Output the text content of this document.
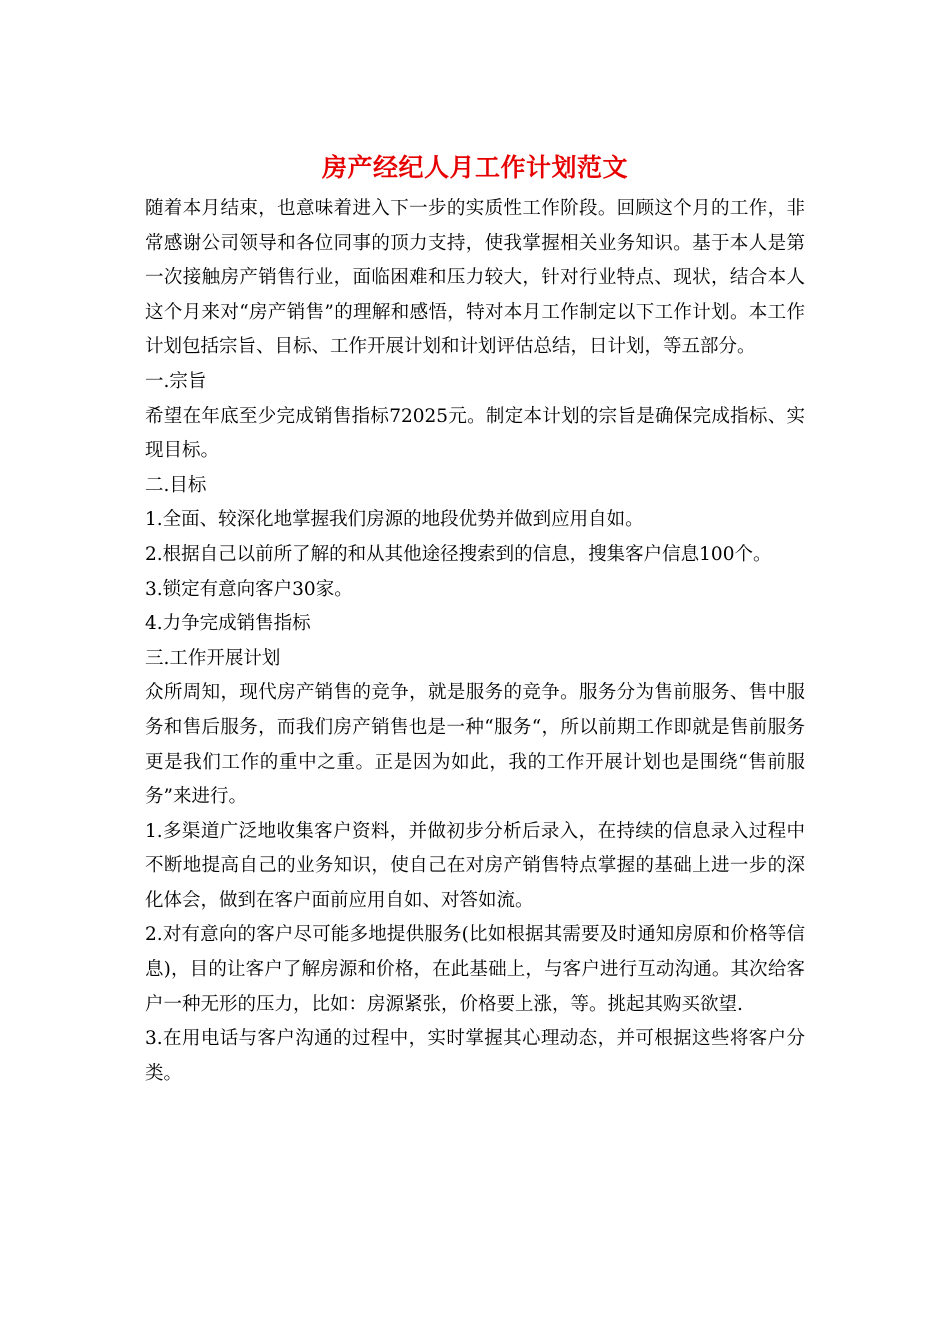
房产经纪人月工作计划范文

随着本月结束，也意味着进入下一步的实质性工作阶段。回顾这个月的工作，非常感谢公司领导和各位同事的顶力支持，使我掌握相关业务知识。基于本人是第一次接触房产销售行业，面临困难和压力较大，针对行业特点、现状，结合本人这个月来对“房产销售”的理解和感悟，特对本月工作制定以下工作计划。本工作计划包括宗旨、目标、工作开展计划和计划评估总结，日计划，等五部分。

一.宗旨

希望在年底至少完成销售指标72025元。制定本计划的宗旨是确保完成指标、实现目标。

二.目标

1.全面、较深化地掌握我们房源的地段优势并做到应用自如。

2.根据自己以前所了解的和从其他途径搜索到的信息，搜集客户信息100个。

3.锁定有意向客户30家。

4.力争完成销售指标

三.工作开展计划

众所周知，现代房产销售的竞争，就是服务的竞争。服务分为售前服务、售中服务和售后服务，而我们房产销售也是一种“服务“，所以前期工作即就是售前服务更是我们工作的重中之重。正是因为如此，我的工作开展计划也是围绕“售前服务”来进行。

1.多渠道广泛地收集客户资料，并做初步分析后录入，在持续的信息录入过程中不断地提高自己的业务知识，使自己在对房产销售特点掌握的基础上进一步的深化体会，做到在客户面前应用自如、对答如流。

2.对有意向的客户尽可能多地提供服务(比如根据其需要及时通知房原和价格等信息)，目的让客户了解房源和价格，在此基础上，与客户进行互动沟通。其次给客户一种无形的压力，比如：房源紧张，价格要上涨，等。挑起其购买欲望.

3.在用电话与客户沟通的过程中，实时掌握其心理动态，并可根据这些将客户分类。
